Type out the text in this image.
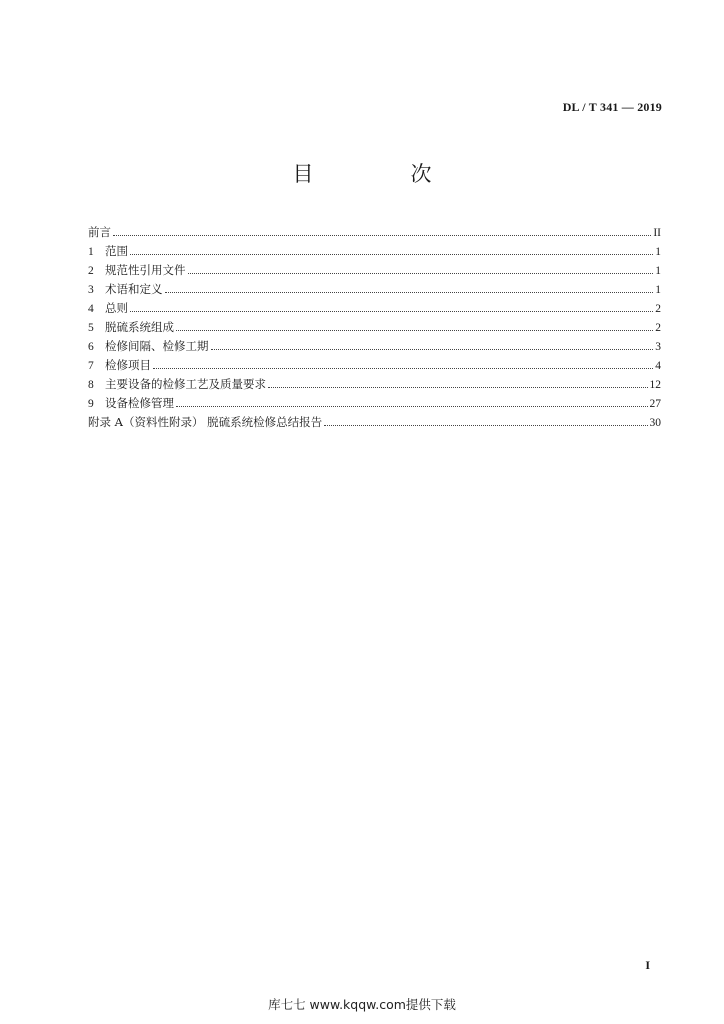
DL / T 341 — 2019
目　次
前言	II
1 范围	1
2 规范性引用文件	1
3 术语和定义	1
4 总则	2
5 脱硫系统组成	2
6 检修间隔、检修工期	3
7 检修项目	4
8 主要设备的检修工艺及质量要求	12
9 设备检修管理	27
附录 A（资料性附录） 脱硫系统检修总结报告	30
I
库七七 www.kqqw.com提供下载
